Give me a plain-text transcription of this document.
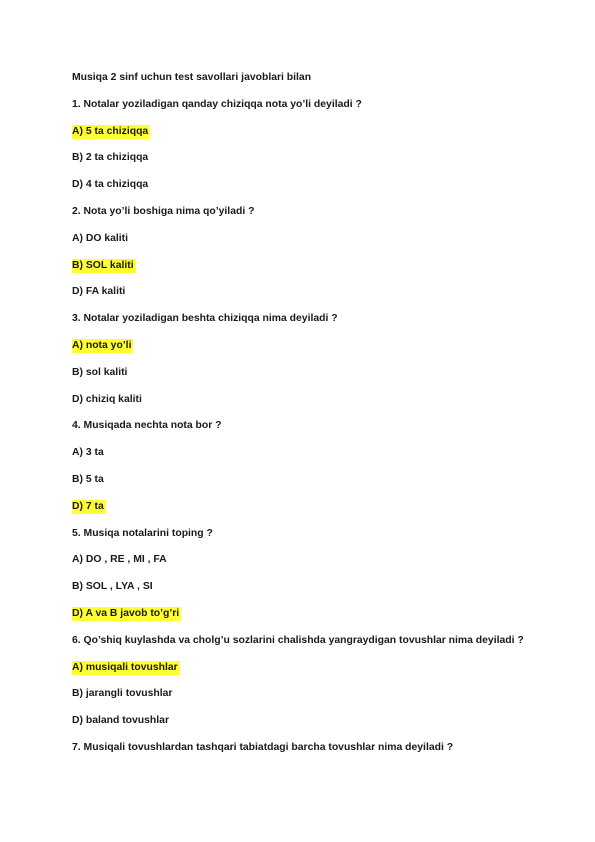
Musiqa 2 sinf uchun test savollari javoblari bilan
1. Notalar yoziladigan qanday chiziqqa nota yo’li deyiladi ?
A) 5 ta chiziqqa
B) 2 ta chiziqqa
D) 4 ta chiziqqa
2. Nota yo’li boshiga nima qo’yiladi ?
A) DO kaliti
B) SOL kaliti
D) FA kaliti
3. Notalar yoziladigan beshta chiziqqa nima deyiladi ?
A) nota yo’li
B) sol kaliti
D) chiziq kaliti
4. Musiqada nechta nota bor ?
A) 3 ta
B) 5 ta
D) 7 ta
5. Musiqa notalarini toping ?
A) DO , RE , MI , FA
B) SOL , LYA , SI
D) A va B javob to’g’ri
6. Qo’shiq kuylashda va cholg’u sozlarini chalishda yangraydigan tovushlar nima deyiladi ?
A) musiqali tovushlar
B) jarangli tovushlar
D) baland tovushlar
7. Musiqali tovushlardan tashqari tabiatdagi barcha tovushlar nima deyiladi ?
